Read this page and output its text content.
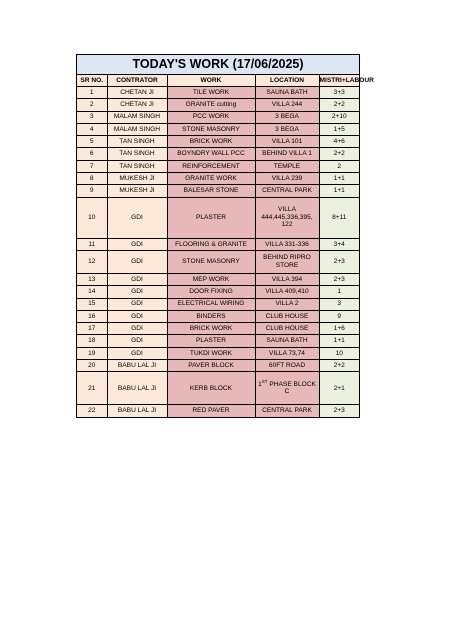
TODAY'S WORK (17/06/2025)
SR NO.	CONTRATOR	WORK	LOCATION	MISTRI+LABOUR
1	CHETAN JI	TILE WORK	SAUNA BATH	3+3
2	CHETAN JI	GRANITE cutting	VILLA 244	2+2
3	MALAM SINGH	PCC WORK	3 BEGA	2+10
4	MALAM SINGH	STONE MASONRY	3 BEGA	1+5
5	TAN SINGH	BRICK WORK	VILLA 101	4+6
6	TAN SINGH	BOYNDRY WALL PCC	BEHIND VILLA 1	2+2
7	TAN SINGH	REINFORCEMENT	TEMPLE	2
8	MUKESH JI	GRANITE WORK	VILLA 239	1+1
9	MUKESH JI	BALESAR STONE	CENTRAL PARK	1+1
10	GDI	PLASTER	VILLA 444,445,336,395, 122	8+11
11	GDI	FLOORING & GRANITE	VILLA 331-336	3+4
12	GDI	STONE MASONRY	BEHIND RIPRO STORE	2+3
13	GDI	MEP WORK	VILLA 394	2+3
14	GDI	DOOR FIXING	VILLA 409,410	1
15	GDI	ELECTRICAL WIRING	VILLA 2	3
16	GDI	BINDERS	CLUB HOUSE	9
17	GDI	BRICK WORK	CLUB HOUSE	1+6
18	GDI	PLASTER	SAUNA BATH	1+1
19	GDI	TUKDI WORK	VILLA 73,74	10
20	BABU LAL JI	PAVER BLOCK	60FT ROAD	2+2
21	BABU LAL JI	KERB BLOCK	1ST PHASE BLOCK C	2+1
22	BABU LAL JI	RED PAVER	CENTRAL PARK	2+3
